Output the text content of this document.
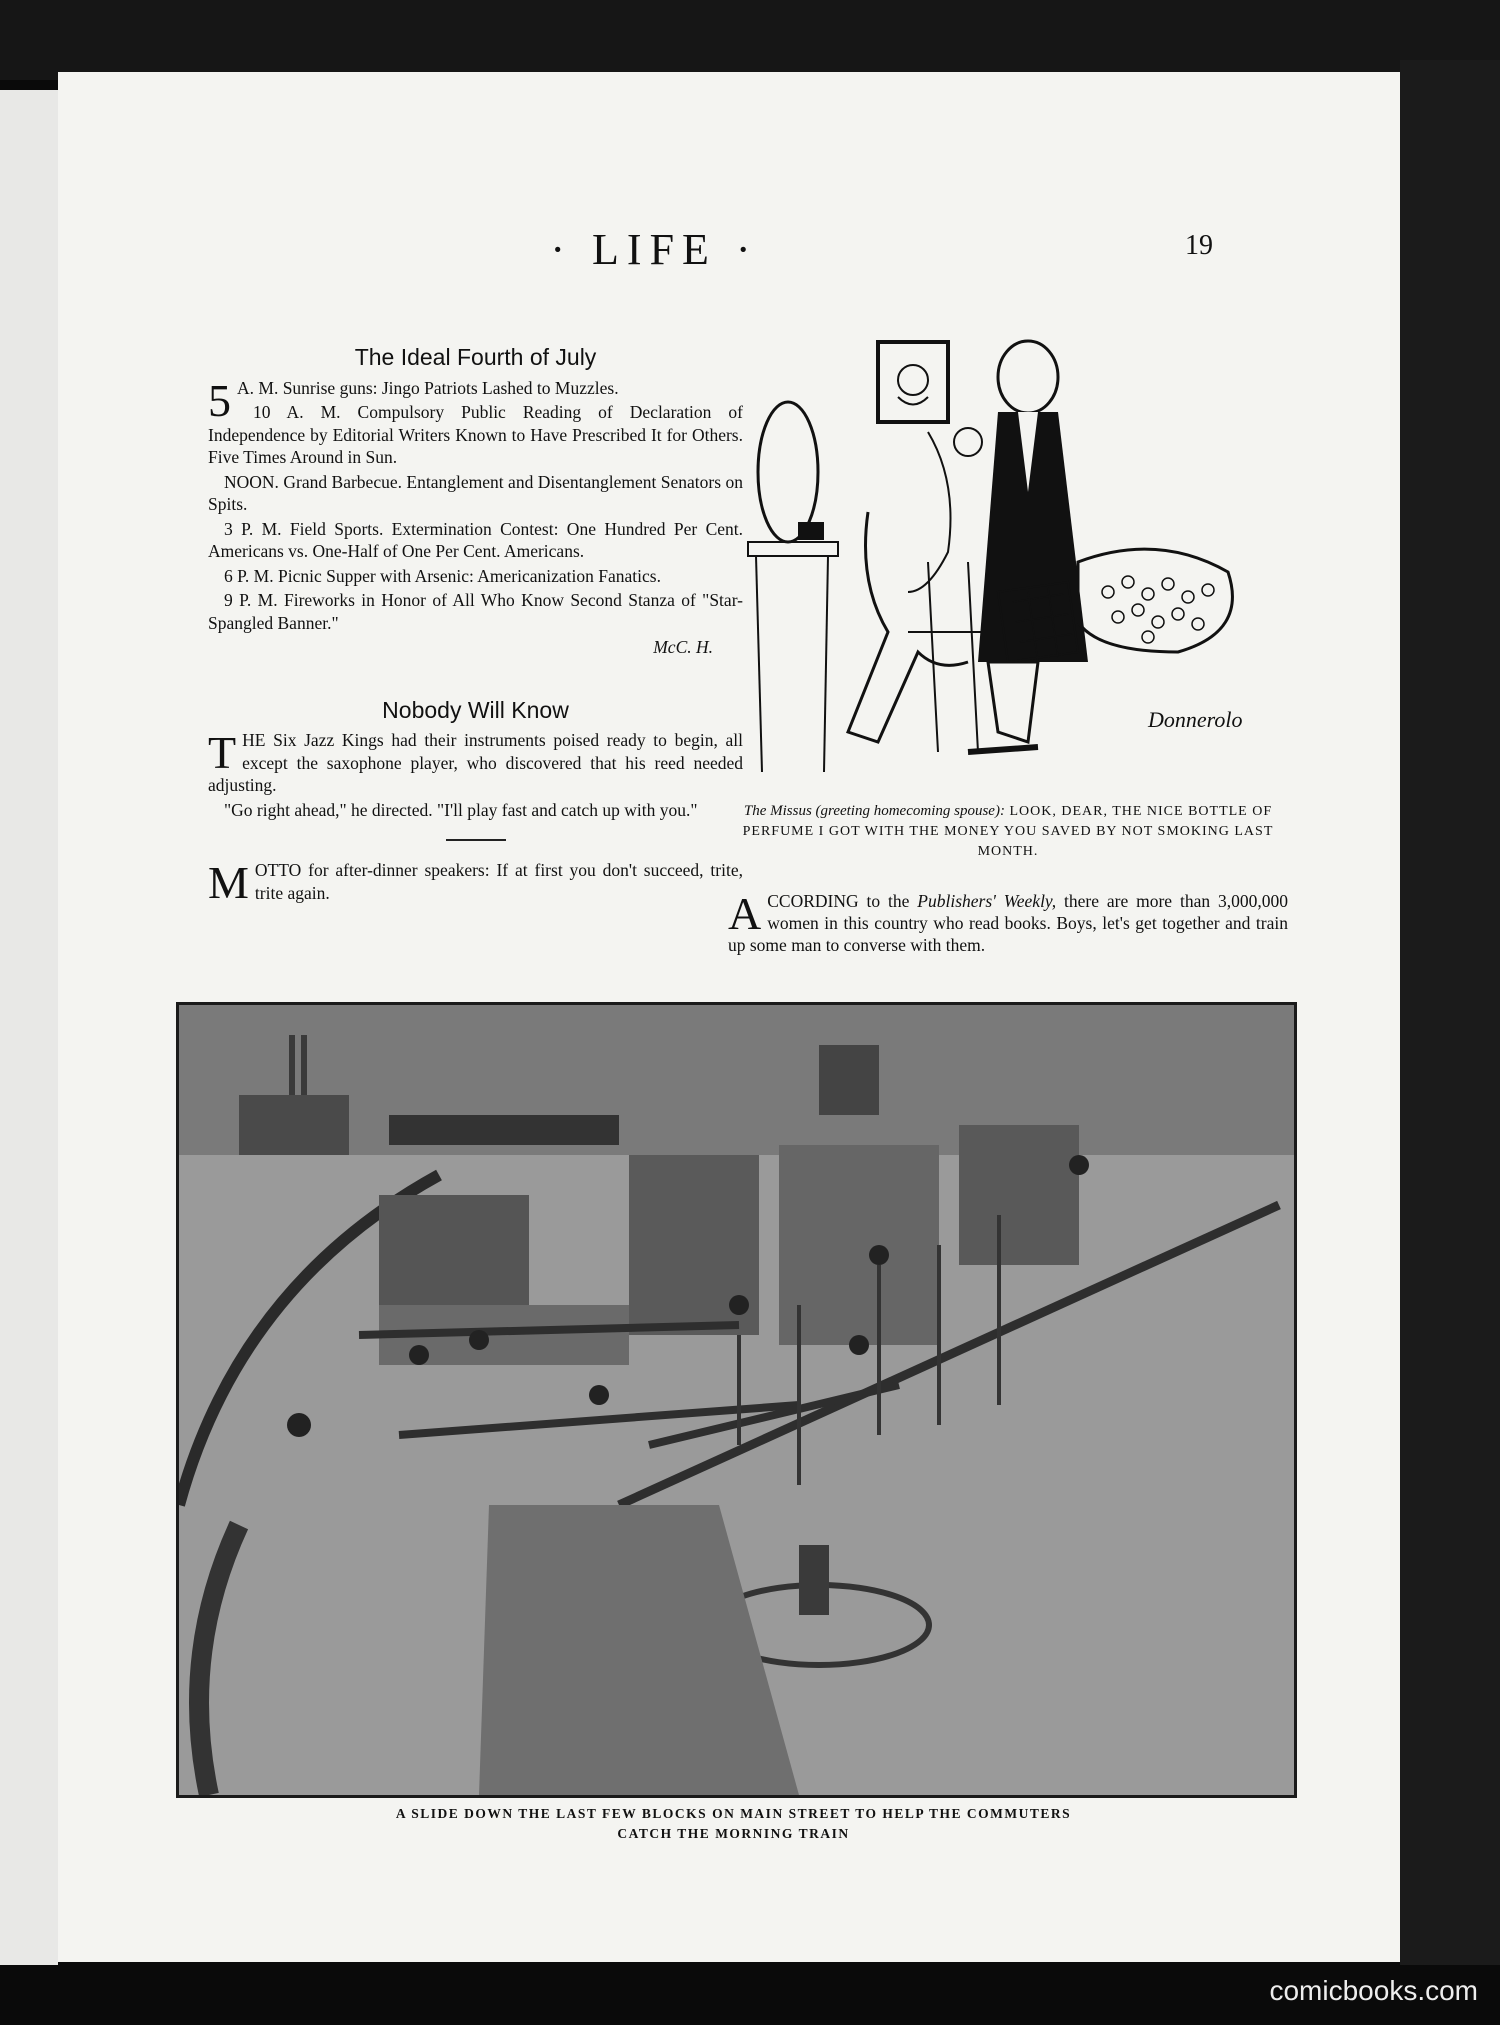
· LIFE ·	19
The Ideal Fourth of July

5 A. M. Sunrise guns: Jingo Patriots Lashed to Muzzles.

10 A. M. Compulsory Public Reading of Declaration of Independence by Editorial Writers Known to Have Prescribed It for Others. Five Times Around in Sun.

NOON. Grand Barbecue. Entanglement and Disentanglement Senators on Spits.

3 P. M. Field Sports. Extermination Contest: One Hundred Per Cent. Americans vs. One-Half of One Per Cent. Americans.

6 P. M. Picnic Supper with Arsenic: Americanization Fanatics.

9 P. M. Fireworks in Honor of All Who Know Second Stanza of "Star-Spangled Banner."

McC. H.
Nobody Will Know

THE Six Jazz Kings had their instruments poised ready to begin, all except the saxophone player, who discovered that his reed needed adjusting.

"Go right ahead," he directed. "I'll play fast and catch up with you."

MOTTO for after-dinner speakers: If at first you don't succeed, trite, trite again.

Donnerolo
The Missus (greeting homecoming spouse): LOOK, DEAR, THE NICE BOTTLE OF PERFUME I GOT WITH THE MONEY YOU SAVED BY NOT SMOKING LAST MONTH.

ACCORDING to the Publishers' Weekly, there are more than 3,000,000 women in this country who read books. Boys, let's get together and train up some man to converse with them.

A SLIDE DOWN THE LAST FEW BLOCKS ON MAIN STREET TO HELP THE COMMUTERS
CATCH THE MORNING TRAIN
comicbooks.com
